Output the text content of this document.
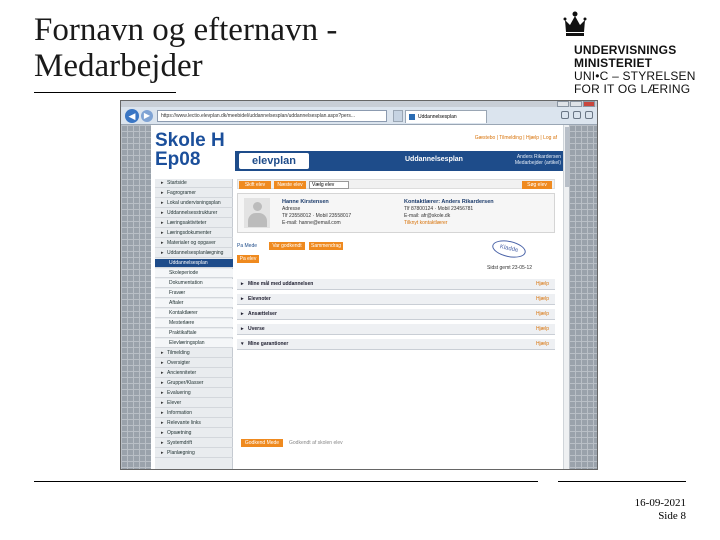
Fornavn og efternavn - Medarbejder	UNDERVISNINGS
MINISTERIET
UNI•C – STYRELSEN
FOR IT OG LÆRING
◀	▶	https://www.lectio.elevplan.dk/meebidel/uddannelsesplan/uddannelsesplan.aspx?pers...	Uddannelsesplan
Skole H
Ep08
Gæstebo | Tilmelding | Hjælp | Log af
elevplan	Uddannelsesplan	Anders Rikardersen
Medarbejder (artikel)
▸ Startside
▸ Fagrogramer
▸ Lokal undervisningsplan
▸ Uddannelsesstrukturer
▸ Læringsaktiviteter
▸ Læringsdokumenter
▸ Materialer og opgaver
▸ Uddannelsesplanlægning
Uddannelsesplan
Skoleperiode
Dokumentation
Fravær
Aftaler
Kontaktlærer
Mesterlære
Praktikaftale
Elevlæringsplan
▸ Tilmelding
▸ Oversigter
▸ Ancienniteter
▸ Grupper/Klasser
▸ Evaluering
▸ Elever
▸ Information
▸ Relevante links
▸ Opsætning
▸ Systemdrift
▸ Planlægning
Skift elev	Næste elev	Vælg elev	Søg elev
Hanne Kirstensen
Adresse
Tlf 23558012 · Mobil 23558017
E-mail: hanne@email.com
Kontaktlærer: Anders Rikardersen
Tlf 87800124 · Mobil 23456781
E-mail: afr@skole.dk
Tilknyt kontaktlærer
Pa Mede	Var godkendt	Sammendrag
Pa elev
Kladde
Sidst gemt 23-05-12
▸ Mine mål med uddannelsen	Hjælp
▸ Elevnoter	Hjælp
▸ Ansættelser	Hjælp
▸ Uverse	Hjælp
▾ Mine garantioner	Hjælp
Godkend Mede	Godkendt af skolen elev
16-09-2021
Side 8
